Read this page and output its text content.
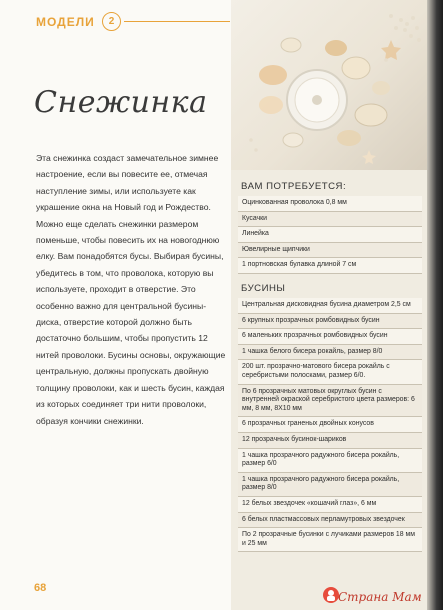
МОДЕЛИ	2
Снежинка
Эта снежинка создаст замечательное зимнее настроение, если вы повесите ее, отмечая наступление зимы, или используете как украшение окна на Новый год и Рождество. Можно еще сделать снежинки размером поменьше, чтобы повесить их на новогоднюю елку. Вам понадобятся бусы. Выбирая бусины, убедитесь в том, что проволока, которую вы используете, проходит в отверстие. Это особенно важно для центральной бусины-диска, отверстие которой должно быть достаточно большим, чтобы пропустить 12 нитей проволоки. Бусины основы, окружающие центральную, должны пропускать двойную толщину проволоки, как и шесть бусин, каждая из которых соединяет три нити проволоки, образуя кончики снежинки.
ВАМ ПОТРЕБУЕТСЯ:
Оцинкованная проволока 0,8 мм
Кусачки
Линейка
Ювелирные щипчики
1 портновская булавка длиной 7 см
БУСИНЫ
Центральная дисковидная бусина диаметром 2,5 см
6 крупных прозрачных ромбовидных бусин
6 маленьких прозрачных ромбовидных бусин
1 чашка белого бисера рокайль, размер 8/0
200 шт. прозрачно-матового бисера рокайль с серебристыми полосками, размер 6/0.
По 6 прозрачных матовых округлых бусин с внутренней окраской серебристого цвета размеров: 6 мм, 8 мм, 8Х10 мм
6 прозрачных граненых двойных конусов
12 прозрачных бусинок-шариков
1 чашка прозрачного радужного бисера рокайль, размер 6/0
1 чашка прозрачного радужного бисера рокайль, размер 8/0
12 белых звездочек «кошачий глаз», 6 мм
6 белых пластмассовых перламутровых звездочек
По 2 прозрачные бусинки с лучиками размеров 18 мм и 25 мм
68
Страна Мам
